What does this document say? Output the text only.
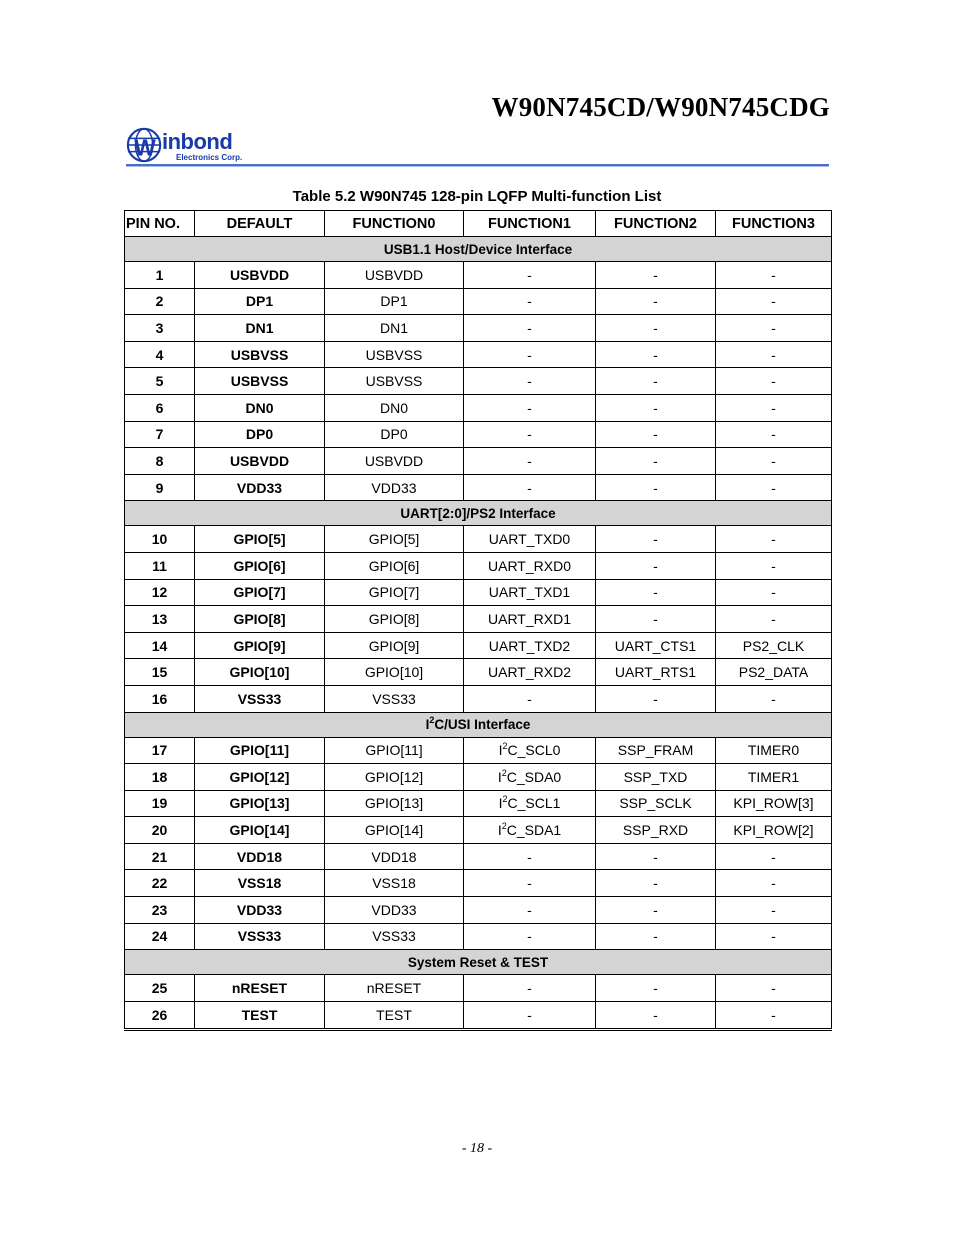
W90N745CD/W90N745CDG
W inbond
Electronics Corp.
Table 5.2 W90N745 128-pin LQFP Multi-function List
PIN NO.	DEFAULT	FUNCTION0	FUNCTION1	FUNCTION2	FUNCTION3
USB1.1 Host/Device Interface					
1	USBVDD	USBVDD	-	-	-
2	DP1	DP1	-	-	-
3	DN1	DN1	-	-	-
4	USBVSS	USBVSS	-	-	-
5	USBVSS	USBVSS	-	-	-
6	DN0	DN0	-	-	-
7	DP0	DP0	-	-	-
8	USBVDD	USBVDD	-	-	-
9	VDD33	VDD33	-	-	-
UART[2:0]/PS2 Interface					
10	GPIO[5]	GPIO[5]	UART_TXD0	-	-
11	GPIO[6]	GPIO[6]	UART_RXD0	-	-
12	GPIO[7]	GPIO[7]	UART_TXD1	-	-
13	GPIO[8]	GPIO[8]	UART_RXD1	-	-
14	GPIO[9]	GPIO[9]	UART_TXD2	UART_CTS1	PS2_CLK
15	GPIO[10]	GPIO[10]	UART_RXD2	UART_RTS1	PS2_DATA
16	VSS33	VSS33	-	-	-
$I^2C$/USI Interface					
17	GPIO[11]	GPIO[11]	$I^2C\_SCL0$	SSP_FRAM	TIMER0
18	GPIO[12]	GPIO[12]	$I^2C\_SDA0$	SSP_TXD	TIMER1
19	GPIO[13]	GPIO[13]	$I^2C\_SCL1$	SSP_SCLK	KPI_ROW[3]
20	GPIO[14]	GPIO[14]	$I^2C\_SDA1$	SSP_RXD	KPI_ROW[2]
21	VDD18	VDD18	-	-	-
22	VSS18	VSS18	-	-	-
23	VDD33	VDD33	-	-	-
24	VSS33	VSS33	-	-	-
System Reset & TEST					
25	nRESET	nRESET	-	-	-
26	TEST	TEST	-	-	-
- 18 -
